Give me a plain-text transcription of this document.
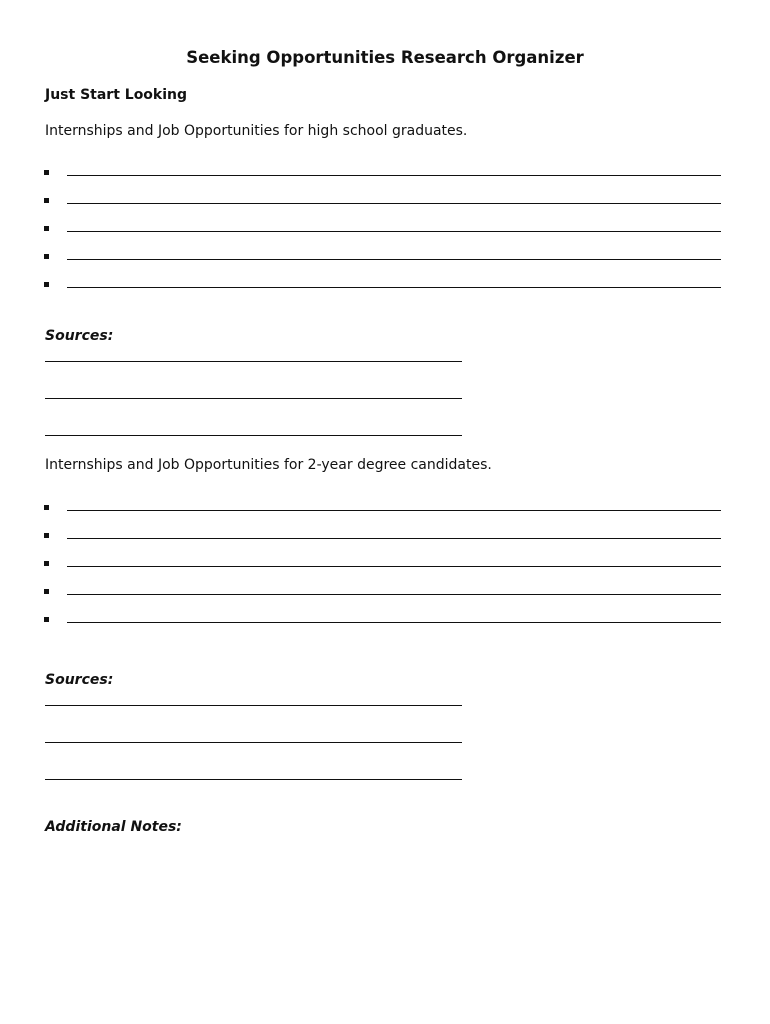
Seeking Opportunities Research Organizer
Just Start Looking
Internships and Job Opportunities for high school graduates.
Sources:
Internships and Job Opportunities for 2-year degree candidates.
Sources:
Additional Notes:
